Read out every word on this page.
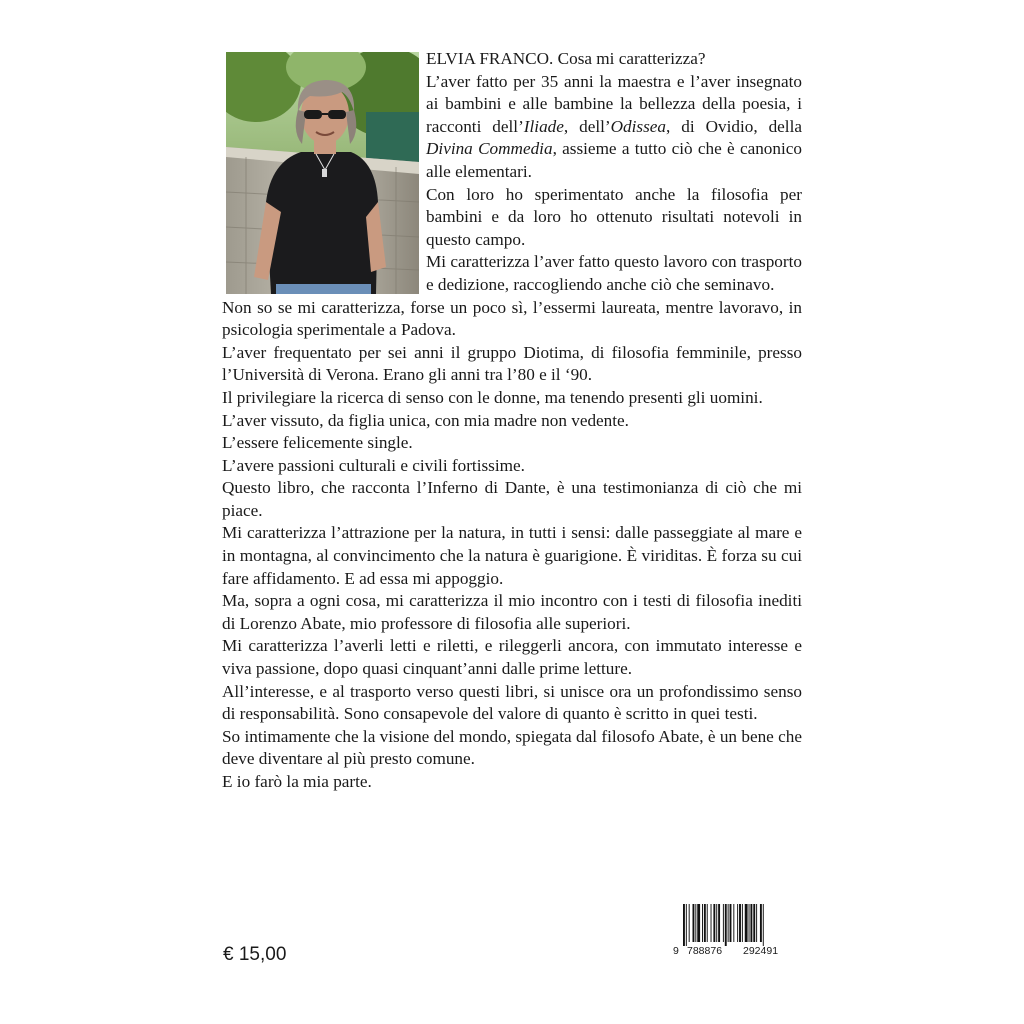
ELVIA FRANCO. Cosa mi caratterizza?

L’aver fatto per 35 anni la maestra e l’aver insegnato ai bambini e alle bambine la bellezza della poesia, i racconti dell’Iliade, dell’Odissea, di Ovidio, della Divina Commedia, assieme a tutto ciò che è canonico alle elementari.

Con loro ho sperimentato anche la filosofia per bambini e da loro ho ottenuto risultati notevoli in questo campo.

Mi caratterizza l’aver fatto questo lavoro con trasporto e dedizione, raccogliendo anche ciò che seminavo.

Non so se mi caratterizza, forse un poco sì, l’essermi laureata, mentre lavoravo, in psicologia sperimentale a Padova.

L’aver frequentato per sei anni il gruppo Diotima, di filosofia femminile, presso l’Università di Verona. Erano gli anni tra l’80 e il ‘90.

Il privilegiare la ricerca di senso con le donne, ma tenendo presenti gli uomini.

L’aver vissuto, da figlia unica, con mia madre non vedente.

L’essere felicemente single.

L’avere passioni culturali e civili fortissime.

Questo libro, che racconta l’Inferno di Dante, è una testimonianza di ciò che mi piace.

Mi caratterizza l’attrazione per la natura, in tutti i sensi: dalle passeggiate al mare e in montagna, al convincimento che la natura è guarigione. È viriditas. È forza su cui fare affidamento. E ad essa mi appoggio.

Ma, sopra a ogni cosa, mi caratterizza il mio incontro con i testi di filosofia inediti di Lorenzo Abate, mio professore di filosofia alle superiori.

Mi caratterizza l’averli letti e riletti, e rileggerli ancora, con immutato interesse e viva passione, dopo quasi cinquant’anni dalle prime letture.

All’interesse, e al trasporto verso questi libri, si unisce ora un profondissimo senso di responsabilità. Sono consapevole del valore di quanto è scritto in quei testi.

So intimamente che la visione del mondo, spiegata dal filosofo Abate, è un bene che deve diventare al più presto comune.

E io farò la mia parte.

€ 15,00	9 788876 292491
